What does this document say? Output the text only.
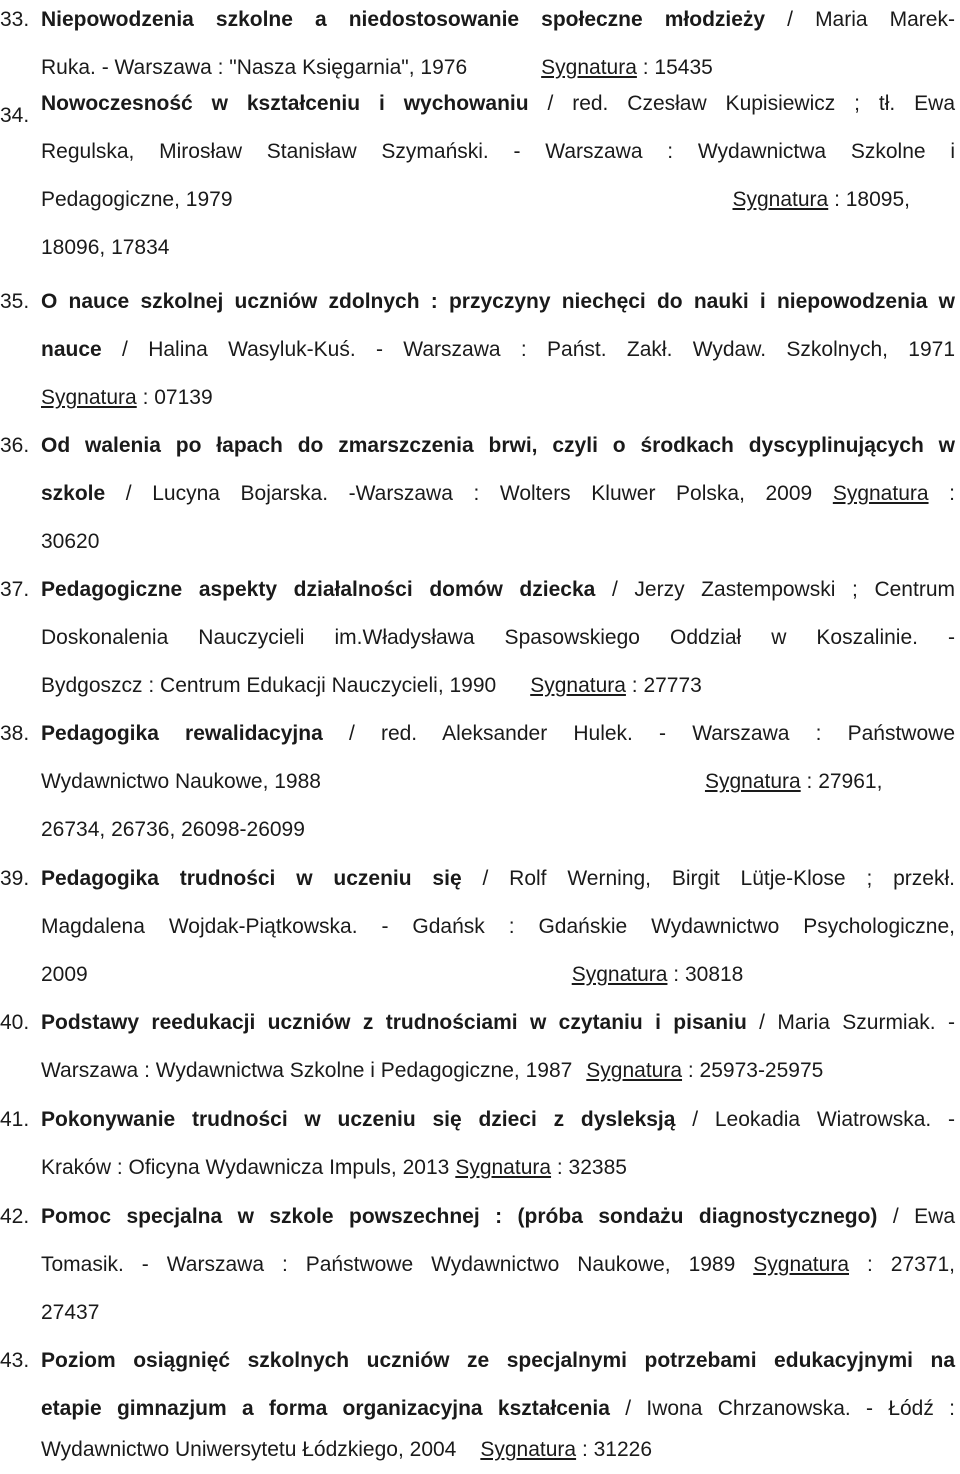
33. Niepowodzenia szkolne a niedostosowanie społeczne młodzieży / Maria Marek-
Ruka. - Warszawa : "Nasza Księgarnia", 1976	Sygnatura : 15435
34.
Nowoczesność w kształceniu i wychowaniu / red. Czesław Kupisiewicz ; tł. Ewa
Regulska, Mirosław Stanisław Szymański. - Warszawa : Wydawnictwa Szkolne i
Pedagogiczne, 1979	Sygnatura : 18095,
18096, 17834
35. O nauce szkolnej uczniów zdolnych : przyczyny niechęci do nauki i niepowodzenia w
nauce / Halina Wasyluk-Kuś. - Warszawa : Państ. Zakł. Wydaw. Szkolnych, 1971
Sygnatura : 07139
36. Od walenia po łapach do zmarszczenia brwi, czyli o środkach dyscyplinujących w
szkole / Lucyna Bojarska. -Warszawa : Wolters Kluwer Polska, 2009 Sygnatura :
30620
37. Pedagogiczne aspekty działalności domów dziecka / Jerzy Zastempowski ; Centrum
Doskonalenia Nauczycieli im.Władysława Spasowskiego Oddział w Koszalinie. -
Bydgoszcz : Centrum Edukacji Nauczycieli, 1990 Sygnatura : 27773
38. Pedagogika rewalidacyjna / red. Aleksander Hulek. - Warszawa : Państwowe
Wydawnictwo Naukowe, 1988	Sygnatura : 27961,
26734, 26736, 26098-26099
39. Pedagogika trudności w uczeniu się / Rolf Werning, Birgit Lütje-Klose ; przekł.
Magdalena Wojdak-Piątkowska. - Gdańsk : Gdańskie Wydawnictwo Psychologiczne,
2009	Sygnatura : 30818
40. Podstawy reedukacji uczniów z trudnościami w czytaniu i pisaniu / Maria Szurmiak. -
Warszawa : Wydawnictwa Szkolne i Pedagogiczne, 1987 Sygnatura : 25973-25975
41. Pokonywanie trudności w uczeniu się dzieci z dysleksją / Leokadia Wiatrowska. -
Kraków : Oficyna Wydawnicza Impuls, 2013 Sygnatura : 32385
42. Pomoc specjalna w szkole powszechnej : (próba sondażu diagnostycznego) / Ewa
Tomasik. - Warszawa : Państwowe Wydawnictwo Naukowe, 1989 Sygnatura : 27371,
27437
43. Poziom osiągnięć szkolnych uczniów ze specjalnymi potrzebami edukacyjnymi na
etapie gimnazjum a forma organizacyjna kształcenia / Iwona Chrzanowska. - Łódź :
Wydawnictwo Uniwersytetu Łódzkiego, 2004 Sygnatura : 31226
